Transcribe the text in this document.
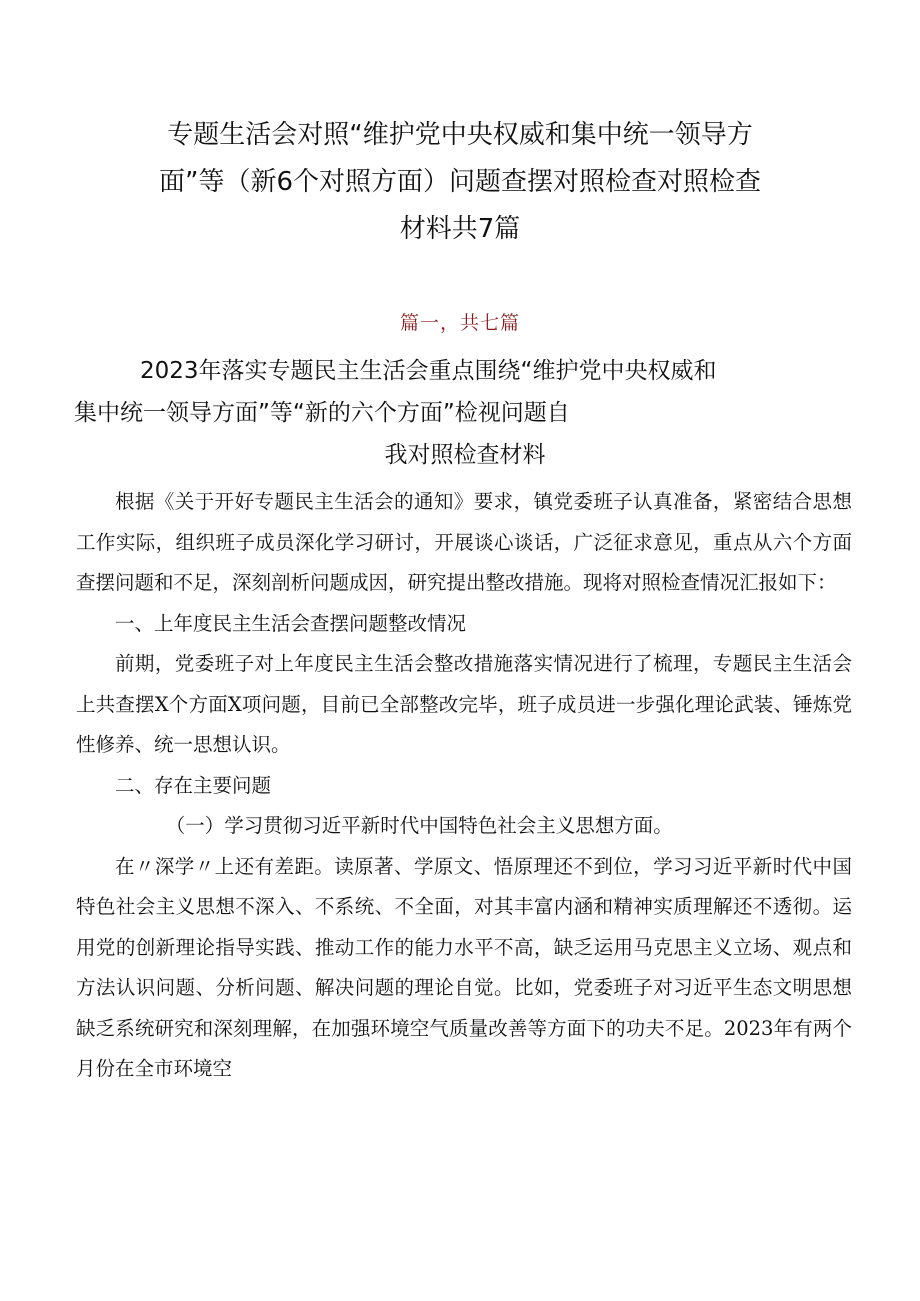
专题生活会对照“维护党中央权威和集中统一领导方
面”等（新6个对照方面）问题查摆对照检查对照检查
材料共7篇
篇一，共七篇
2023年落实专题民主生活会重点围绕“维护党中央权威和
集中统一领导方面”等“新的六个方面”检视问题自
我对照检查材料

根据《关于开好专题民主生活会的通知》要求，镇党委班子认真准备，紧密结合思想工作实际，组织班子成员深化学习研讨，开展谈心谈话，广泛征求意见，重点从六个方面查摆问题和不足，深刻剖析问题成因，研究提出整改措施。现将对照检查情况汇报如下：

一、上年度民主生活会查摆问题整改情况

前期，党委班子对上年度民主生活会整改措施落实情况进行了梳理，专题民主生活会上共查摆X个方面X项问题，目前已全部整改完毕，班子成员进一步强化理论武装、锤炼党性修养、统一思想认识。

二、存在主要问题

（一）学习贯彻习近平新时代中国特色社会主义思想方面。

在〃深学〃上还有差距。读原著、学原文、悟原理还不到位，学习习近平新时代中国特色社会主义思想不深入、不系统、不全面，对其丰富内涵和精神实质理解还不透彻。运用党的创新理论指导实践、推动工作的能力水平不高，缺乏运用马克思主义立场、观点和方法认识问题、分析问题、解决问题的理论自觉。比如，党委班子对习近平生态文明思想缺乏系统研究和深刻理解，在加强环境空气质量改善等方面下的功夫不足。2023年有两个月份在全市环境空
